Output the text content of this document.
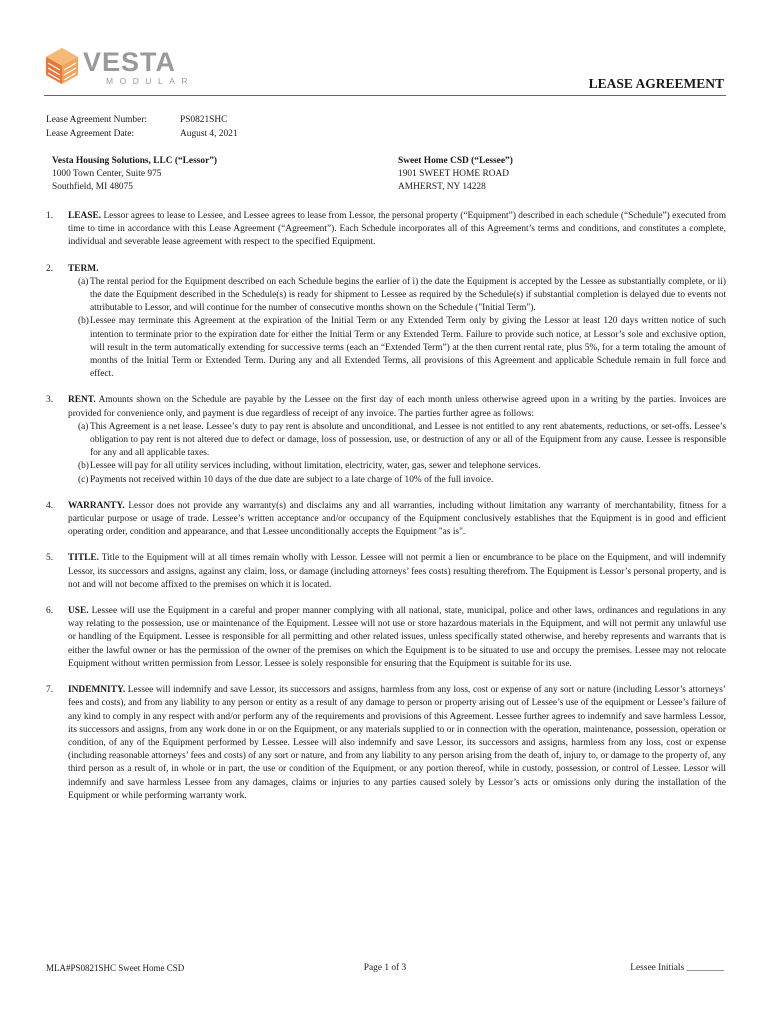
VESTA
MODULAR	LEASE AGREEMENT
Lease Agreement Number:	PS0821SHC
Lease Agreement Date:	August 4, 2021
Vesta Housing Solutions, LLC (“Lessor”)
1000 Town Center, Suite 975
Southfield, MI 48075
Sweet Home CSD (“Lessee”)
1901 SWEET HOME ROAD
AMHERST, NY 14228
1.	LEASE. Lessor agrees to lease to Lessee, and Lessee agrees to lease from Lessor, the personal property (“Equipment”) described in each schedule (“Schedule”) executed from time to time in accordance with this Lease Agreement (“Agreement”). Each Schedule incorporates all of this Agreement’s terms and conditions, and constitutes a complete, individual and severable lease agreement with respect to the specified Equipment.
2.	TERM.
(a) The rental period for the Equipment described on each Schedule begins the earlier of i) the date the Equipment is accepted by the Lessee as substantially complete, or ii) the date the Equipment described in the Schedule(s) is ready for shipment to Lessee as required by the Schedule(s) if substantial completion is delayed due to events not attributable to Lessor, and will continue for the number of consecutive months shown on the Schedule ("Initial Term").
(b) Lessee may terminate this Agreement at the expiration of the Initial Term or any Extended Term only by giving the Lessor at least 120 days written notice of such intention to terminate prior to the expiration date for either the Initial Term or any Extended Term. Failure to provide such notice, at Lessor’s sole and exclusive option, will result in the term automatically extending for successive terms (each an “Extended Term”) at the then current rental rate, plus 5%, for a term totaling the amount of months of the Initial Term or Extended Term. During any and all Extended Terms, all provisions of this Agreement and applicable Schedule remain in full force and effect.
3.	RENT. Amounts shown on the Schedule are payable by the Lessee on the first day of each month unless otherwise agreed upon in a writing by the parties. Invoices are provided for convenience only, and payment is due regardless of receipt of any invoice. The parties further agree as follows:
(a) This Agreement is a net lease. Lessee’s duty to pay rent is absolute and unconditional, and Lessee is not entitled to any rent abatements, reductions, or set-offs. Lessee’s obligation to pay rent is not altered due to defect or damage, loss of possession, use, or destruction of any or all of the Equipment from any cause. Lessee is responsible for any and all applicable taxes.
(b) Lessee will pay for all utility services including, without limitation, electricity, water, gas, sewer and telephone services.
(c) Payments not received within 10 days of the due date are subject to a late charge of 10% of the full invoice.
4.	WARRANTY. Lessor does not provide any warranty(s) and disclaims any and all warranties, including without limitation any warranty of merchantability, fitness for a particular purpose or usage of trade. Lessee’s written acceptance and/or occupancy of the Equipment conclusively establishes that the Equipment is in good and efficient operating order, condition and appearance, and that Lessee unconditionally accepts the Equipment "as is".
5.	TITLE. Title to the Equipment will at all times remain wholly with Lessor. Lessee will not permit a lien or encumbrance to be place on the Equipment, and will indemnify Lessor, its successors and assigns, against any claim, loss, or damage (including attorneys’ fees costs) resulting therefrom. The Equipment is Lessor’s personal property, and is not and will not become affixed to the premises on which it is located.
6.	USE. Lessee will use the Equipment in a careful and proper manner complying with all national, state, municipal, police and other laws, ordinances and regulations in any way relating to the possession, use or maintenance of the Equipment. Lessee will not use or store hazardous materials in the Equipment, and will not permit any unlawful use or handling of the Equipment. Lessee is responsible for all permitting and other related issues, unless specifically stated otherwise, and hereby represents and warrants that is either the lawful owner or has the permission of the owner of the premises on which the Equipment is to be situated to use and occupy the premises. Lessee may not relocate Equipment without written permission from Lessor. Lessee is solely responsible for ensuring that the Equipment is suitable for its use.
7.	INDEMNITY. Lessee will indemnify and save Lessor, its successors and assigns, harmless from any loss, cost or expense of any sort or nature (including Lessor’s attorneys’ fees and costs), and from any liability to any person or entity as a result of any damage to person or property arising out of Lessee’s use of the equipment or Lessee’s failure of any kind to comply in any respect with and/or perform any of the requirements and provisions of this Agreement. Lessee further agrees to indemnify and save harmless Lessor, its successors and assigns, from any work done in or on the Equipment, or any materials supplied to or in connection with the operation, maintenance, possession, operation or condition, of any of the Equipment performed by Lessee. Lessee will also indemnify and save Lessor, its successors and assigns, harmless from any loss, cost or expense (including reasonable attorneys’ fees and costs) of any sort or nature, and from any liability to any person arising from the death of, injury to, or damage to the property of, any third person as a result of, in whole or in part, the use or condition of the Equipment, or any portion thereof, while in custody, possession, or control of Lessee. Lessor will indemnify and save harmless Lessee from any damages, claims or injuries to any parties caused solely by Lessor’s acts or omissions only during the installation of the Equipment or while performing warranty work.
MLA#PS0821SHC Sweet Home CSD	Page 1 of 3	Lessee Initials ________
